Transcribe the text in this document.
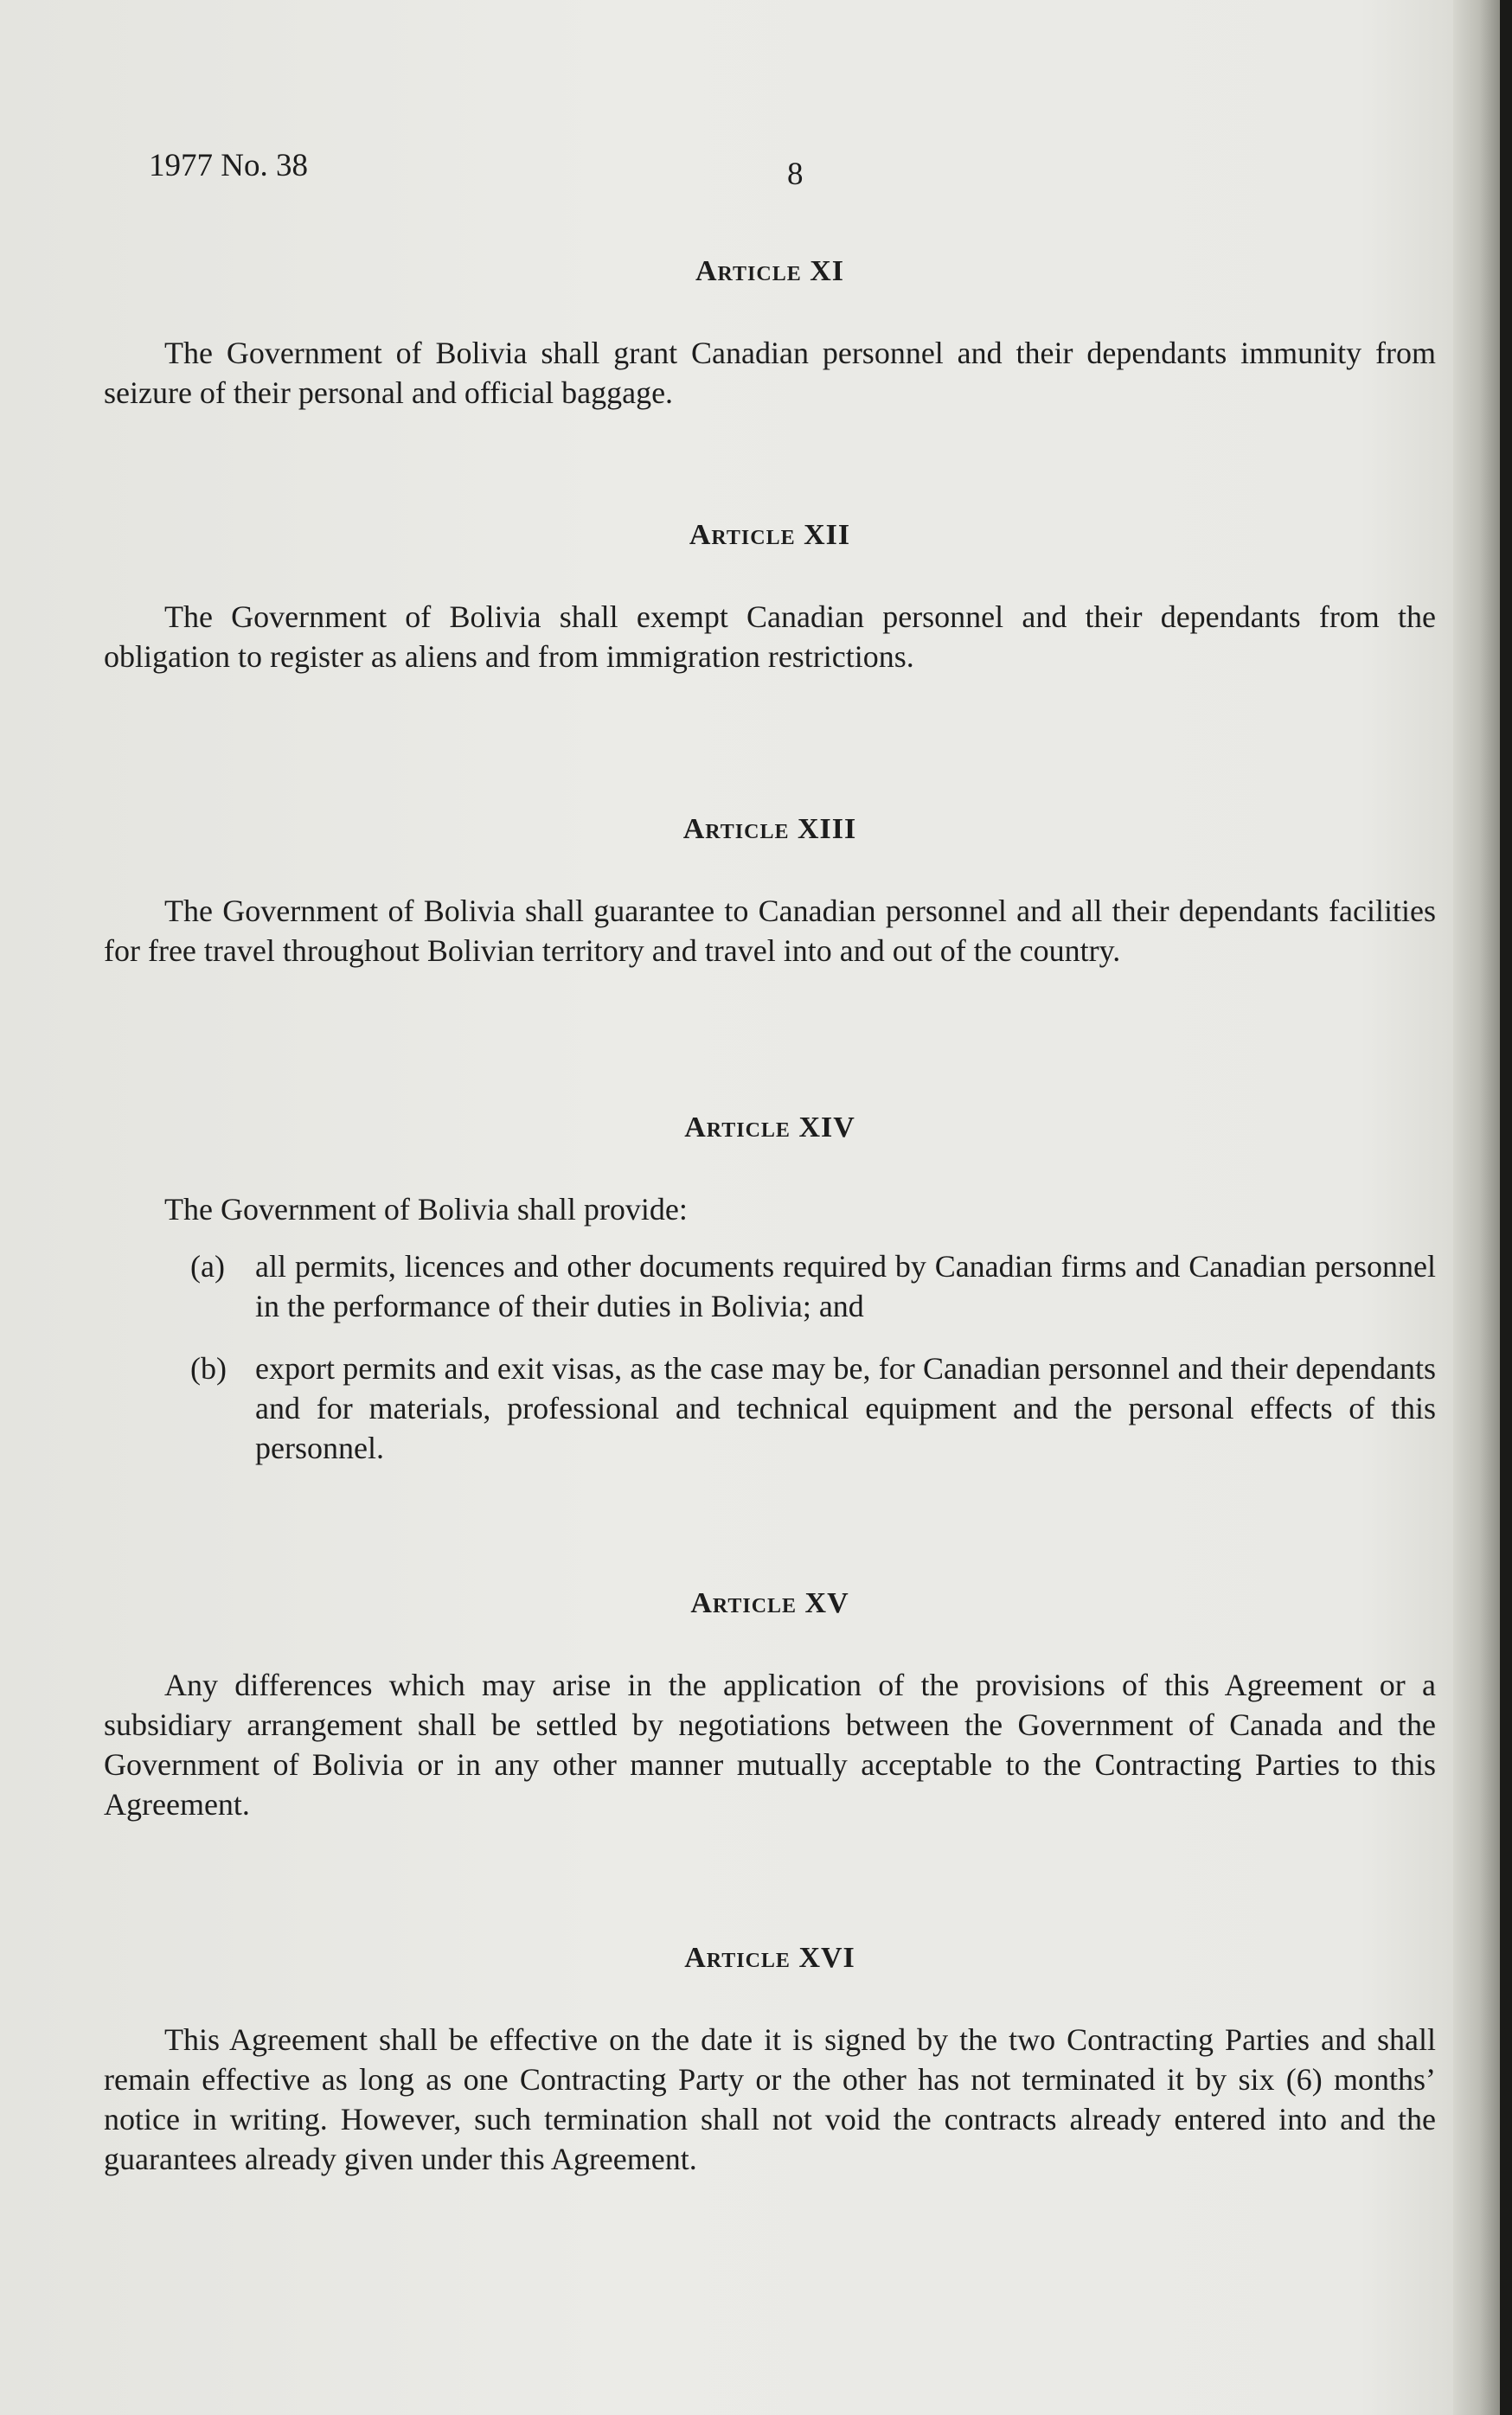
1977 No. 38	8
Article XI

The Government of Bolivia shall grant Canadian personnel and their dependants immunity from seizure of their personal and official baggage.

Article XII

The Government of Bolivia shall exempt Canadian personnel and their dependants from the obligation to register as aliens and from immigration restrictions.

Article XIII

The Government of Bolivia shall guarantee to Canadian personnel and all their dependants facilities for free travel throughout Bolivian territory and travel into and out of the country.

Article XIV

The Government of Bolivia shall provide:

(a) all permits, licences and other documents required by Canadian firms and Canadian personnel in the performance of their duties in Bolivia; and
(b) export permits and exit visas, as the case may be, for Canadian personnel and their dependants and for materials, professional and technical equipment and the personal effects of this personnel.
Article XV

Any differences which may arise in the application of the provisions of this Agreement or a subsidiary arrangement shall be settled by negotiations between the Government of Canada and the Government of Bolivia or in any other manner mutually acceptable to the Contracting Parties to this Agreement.

Article XVI

This Agreement shall be effective on the date it is signed by the two Contracting Parties and shall remain effective as long as one Contracting Party or the other has not terminated it by six (6) months’ notice in writing. However, such termination shall not void the contracts already entered into and the guarantees already given under this Agreement.
